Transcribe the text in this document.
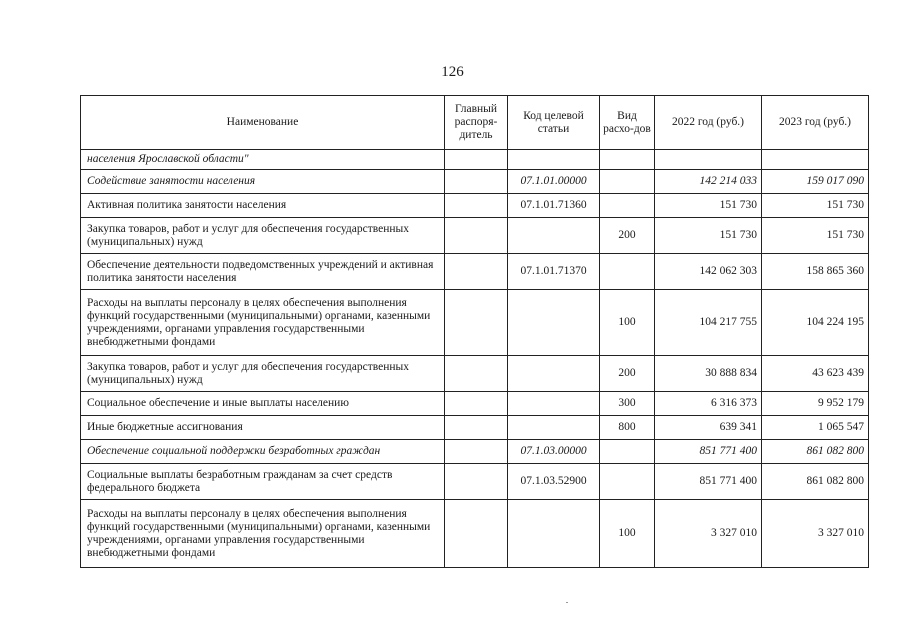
126
Наименование	Главный распоря-дитель	Код целевой статьи	Вид расхо-дов	2022 год (руб.)	2023 год (руб.)
населения Ярославской области"					
Содействие занятости населения		07.1.01.00000		142 214 033	159 017 090
Активная политика занятости населения		07.1.01.71360		151 730	151 730
Закупка товаров, работ и услуг для обеспечения государственных (муниципальных) нужд			200	151 730	151 730
Обеспечение деятельности подведомственных учреждений и активная политика занятости населения		07.1.01.71370		142 062 303	158 865 360
Расходы на выплаты персоналу в целях обеспечения выполнения функций государственными (муниципальными) органами, казенными учреждениями, органами управления государственными внебюджетными фондами			100	104 217 755	104 224 195
Закупка товаров, работ и услуг для обеспечения государственных (муниципальных) нужд			200	30 888 834	43 623 439
Социальное обеспечение и иные выплаты населению			300	6 316 373	9 952 179
Иные бюджетные ассигнования			800	639 341	1 065 547
Обеспечение социальной поддержки безработных граждан		07.1.03.00000		851 771 400	861 082 800
Социальные выплаты безработным гражданам за счет средств федерального бюджета		07.1.03.52900		851 771 400	861 082 800
Расходы на выплаты персоналу в целях обеспечения выполнения функций государственными (муниципальными) органами, казенными учреждениями, органами управления государственными внебюджетными фондами			100	3 327 010	3 327 010
